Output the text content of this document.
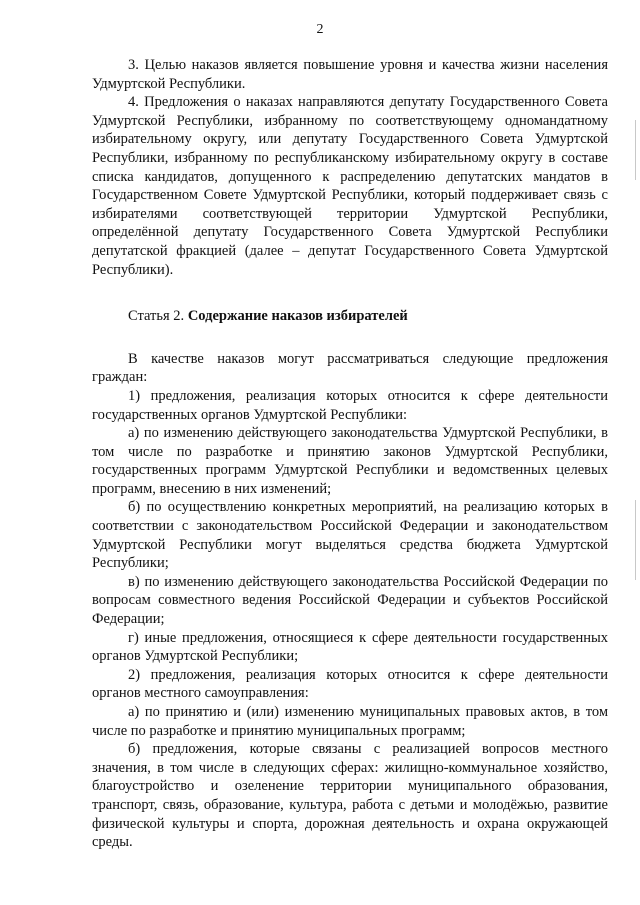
2

3. Целью наказов является повышение уровня и качества жизни населения Удмуртской Республики.

4. Предложения о наказах направляются депутату Государственного Совета Удмуртской Республики, избранному по соответствующему одномандатному избирательному округу, или депутату Государственного Совета Удмуртской Республики, избранному по республиканскому избирательному округу в составе списка кандидатов, допущенного к распределению депутатских мандатов в Государственном Совете Удмуртской Республики, который поддерживает связь с избирателями соответствующей территории Удмуртской Республики, определённой депутату Государственного Совета Удмуртской Республики депутатской фракцией (далее – депутат Государственного Совета Удмуртской Республики).

Статья 2. Содержание наказов избирателей

В качестве наказов могут рассматриваться следующие предложения граждан:

1) предложения, реализация которых относится к сфере деятельности государственных органов Удмуртской Республики:

а) по изменению действующего законодательства Удмуртской Республики, в том числе по разработке и принятию законов Удмуртской Республики, государственных программ Удмуртской Республики и ведомственных целевых программ, внесению в них изменений;

б) по осуществлению конкретных мероприятий, на реализацию которых в соответствии с законодательством Российской Федерации и законодательством Удмуртской Республики могут выделяться средства бюджета Удмуртской Республики;

в) по изменению действующего законодательства Российской Федерации по вопросам совместного ведения Российской Федерации и субъектов Российской Федерации;

г) иные предложения, относящиеся к сфере деятельности государственных органов Удмуртской Республики;

2) предложения, реализация которых относится к сфере деятельности органов местного самоуправления:

а) по принятию и (или) изменению муниципальных правовых актов, в том числе по разработке и принятию муниципальных программ;

б) предложения, которые связаны с реализацией вопросов местного значения, в том числе в следующих сферах: жилищно-коммунальное хозяйство, благоустройство и озеленение территории муниципального образования, транспорт, связь, образование, культура, работа с детьми и молодёжью, развитие физической культуры и спорта, дорожная деятельность и охрана окружающей среды.
